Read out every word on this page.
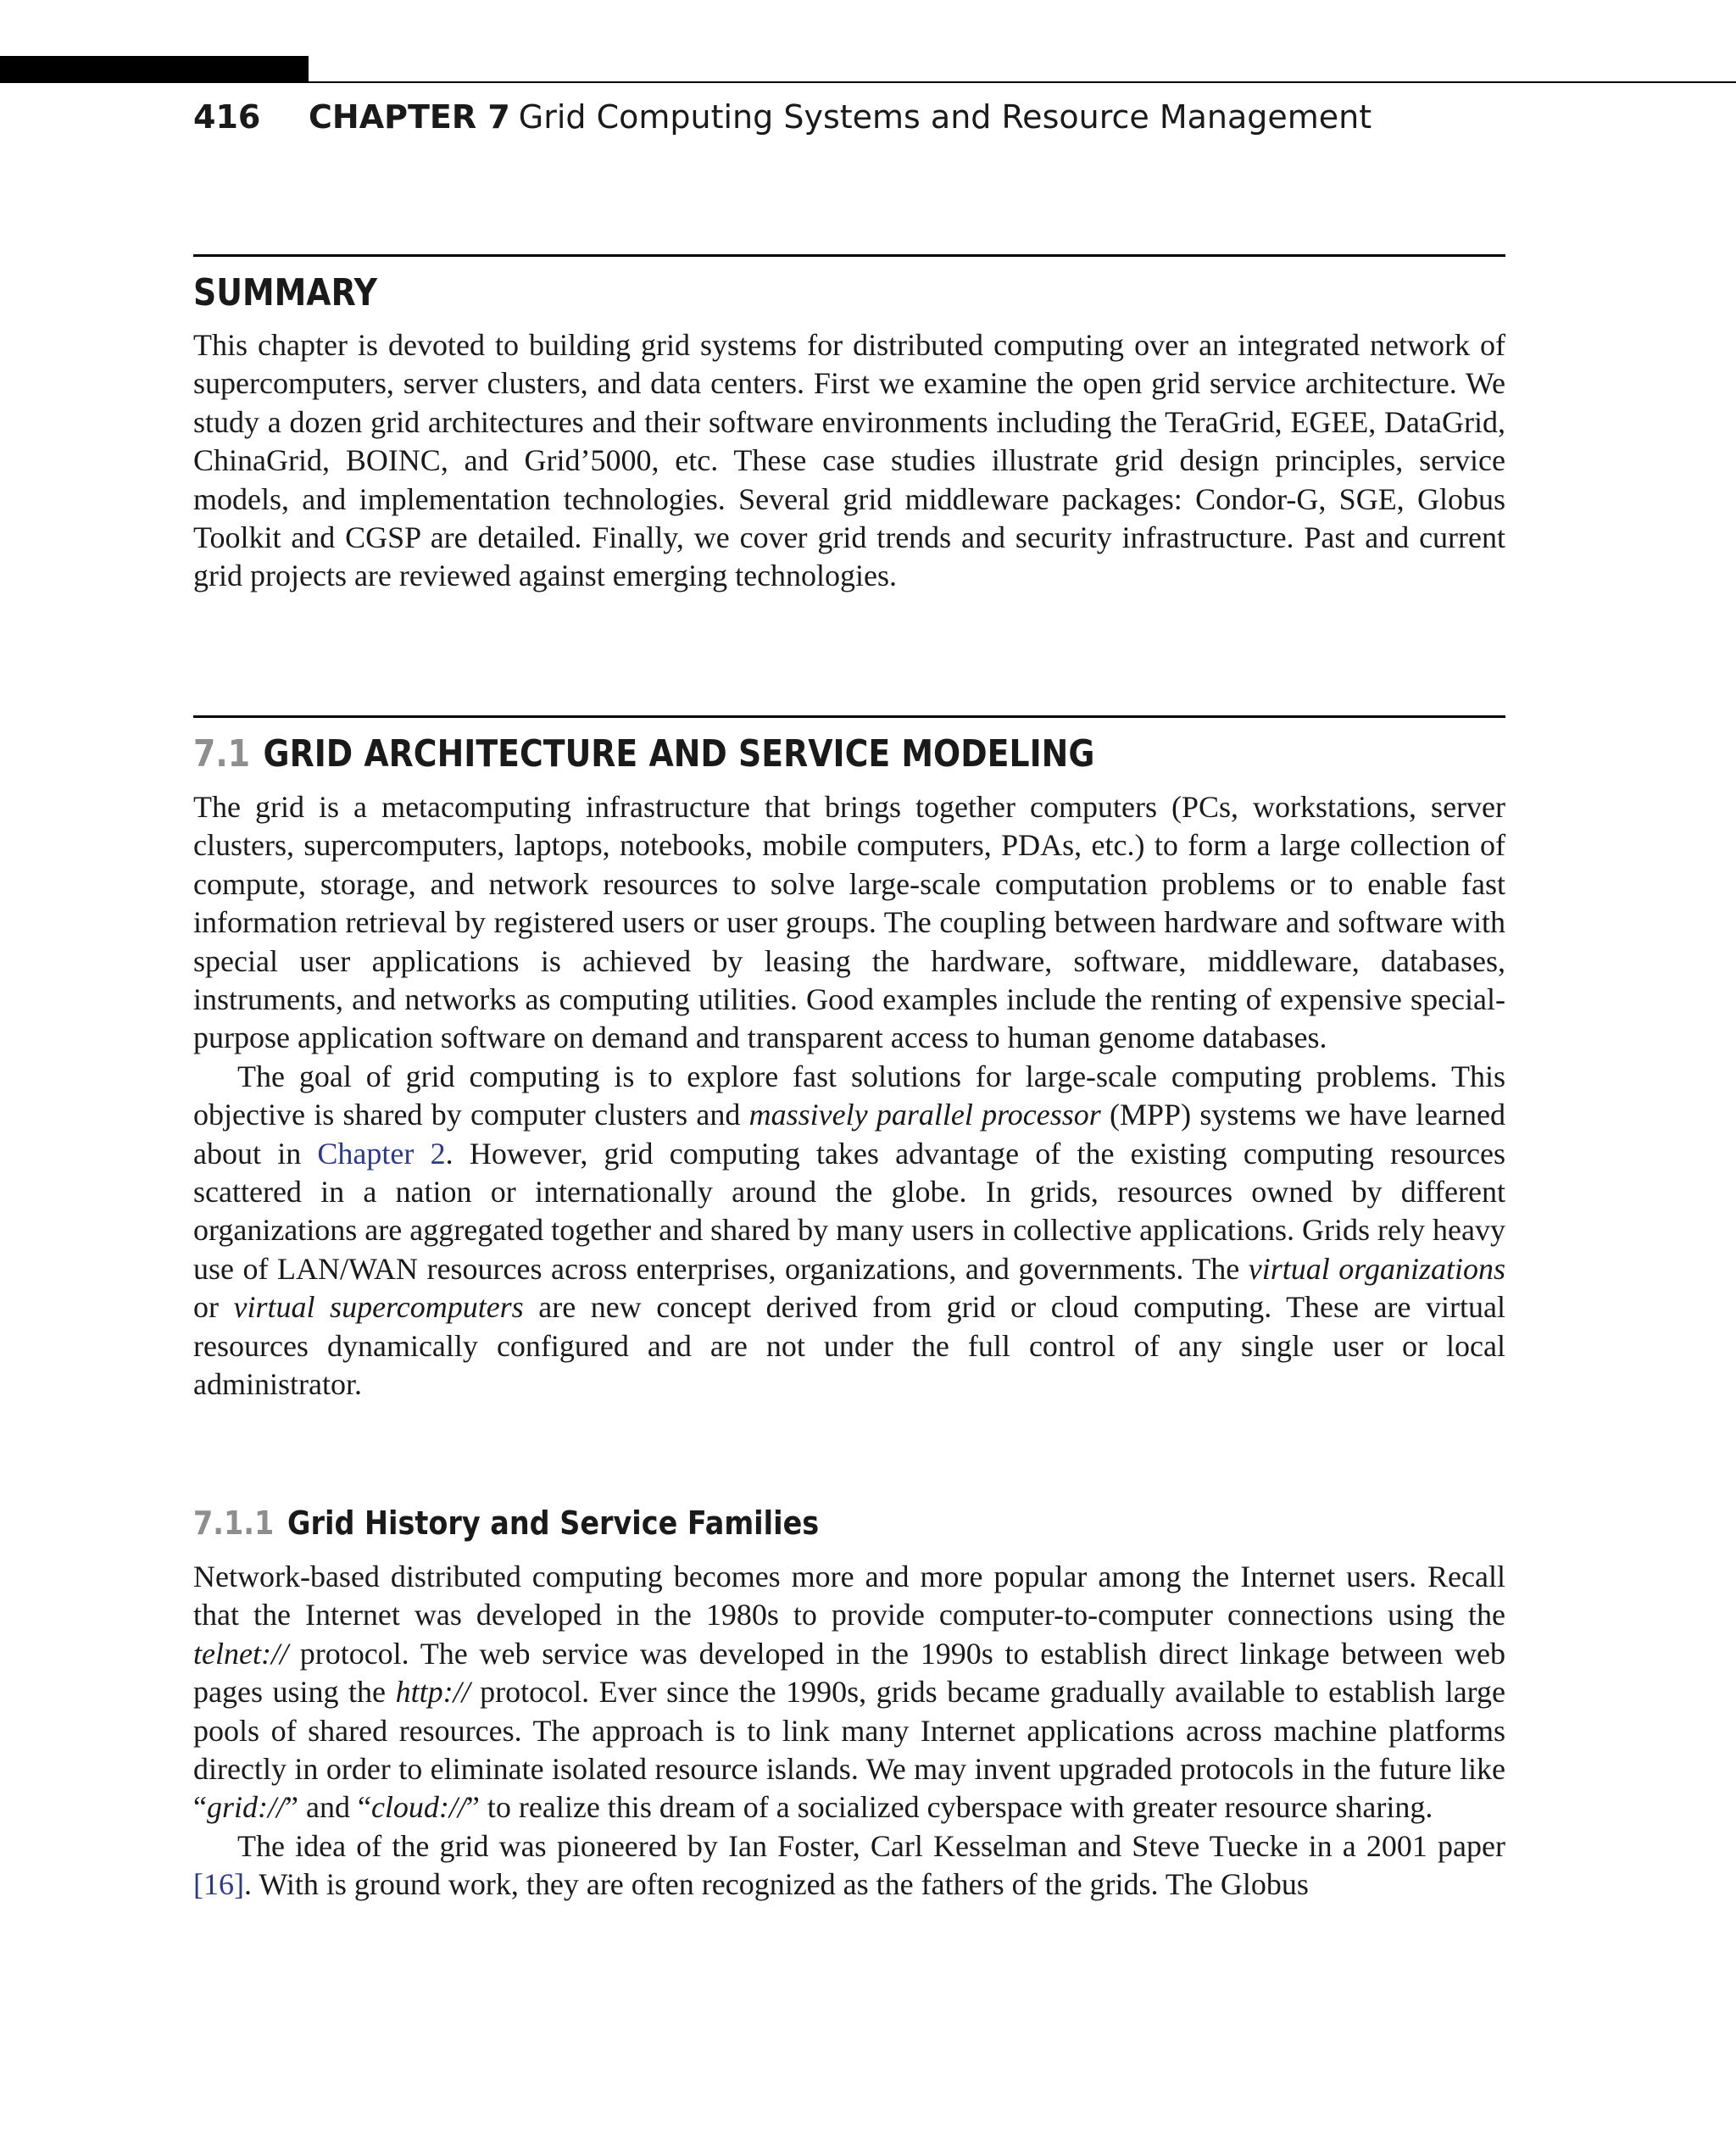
416 CHAPTER 7 Grid Computing Systems and Resource Management
SUMMARY

This chapter is devoted to building grid systems for distributed computing over an integrated network of supercomputers, server clusters, and data centers. First we examine the open grid service architecture. We study a dozen grid architectures and their software environments including the TeraGrid, EGEE, DataGrid, ChinaGrid, BOINC, and Grid’5000, etc. These case studies illustrate grid design principles, service models, and implementation technologies. Several grid middleware packages: Condor-G, SGE, Globus Toolkit and CGSP are detailed. Finally, we cover grid trends and security infrastructure. Past and current grid projects are reviewed against emerging technologies.

7.1 GRID ARCHITECTURE AND SERVICE MODELING

The grid is a metacomputing infrastructure that brings together computers (PCs, workstations, server clusters, supercomputers, laptops, notebooks, mobile computers, PDAs, etc.) to form a large collection of compute, storage, and network resources to solve large-scale computation problems or to enable fast information retrieval by registered users or user groups. The coupling between hardware and software with special user applications is achieved by leasing the hardware, software, middleware, databases, instruments, and networks as computing utilities. Good examples include the renting of expensive special-purpose application software on demand and transparent access to human genome databases.

The goal of grid computing is to explore fast solutions for large-scale computing problems. This objective is shared by computer clusters and massively parallel processor (MPP) systems we have learned about in Chapter 2. However, grid computing takes advantage of the existing computing resources scattered in a nation or internationally around the globe. In grids, resources owned by different organizations are aggregated together and shared by many users in collective applications. Grids rely heavy use of LAN/WAN resources across enterprises, organizations, and governments. The virtual organizations or virtual supercomputers are new concept derived from grid or cloud computing. These are virtual resources dynamically configured and are not under the full control of any single user or local administrator.

7.1.1 Grid History and Service Families

Network-based distributed computing becomes more and more popular among the Internet users. Recall that the Internet was developed in the 1980s to provide computer-to-computer connections using the telnet:// protocol. The web service was developed in the 1990s to establish direct linkage between web pages using the http:// protocol. Ever since the 1990s, grids became gradually available to establish large pools of shared resources. The approach is to link many Internet applications across machine platforms directly in order to eliminate isolated resource islands. We may invent upgraded protocols in the future like “grid://” and “cloud://” to realize this dream of a socialized cyberspace with greater resource sharing.

The idea of the grid was pioneered by Ian Foster, Carl Kesselman and Steve Tuecke in a 2001 paper [16]. With is ground work, they are often recognized as the fathers of the grids. The Globus
